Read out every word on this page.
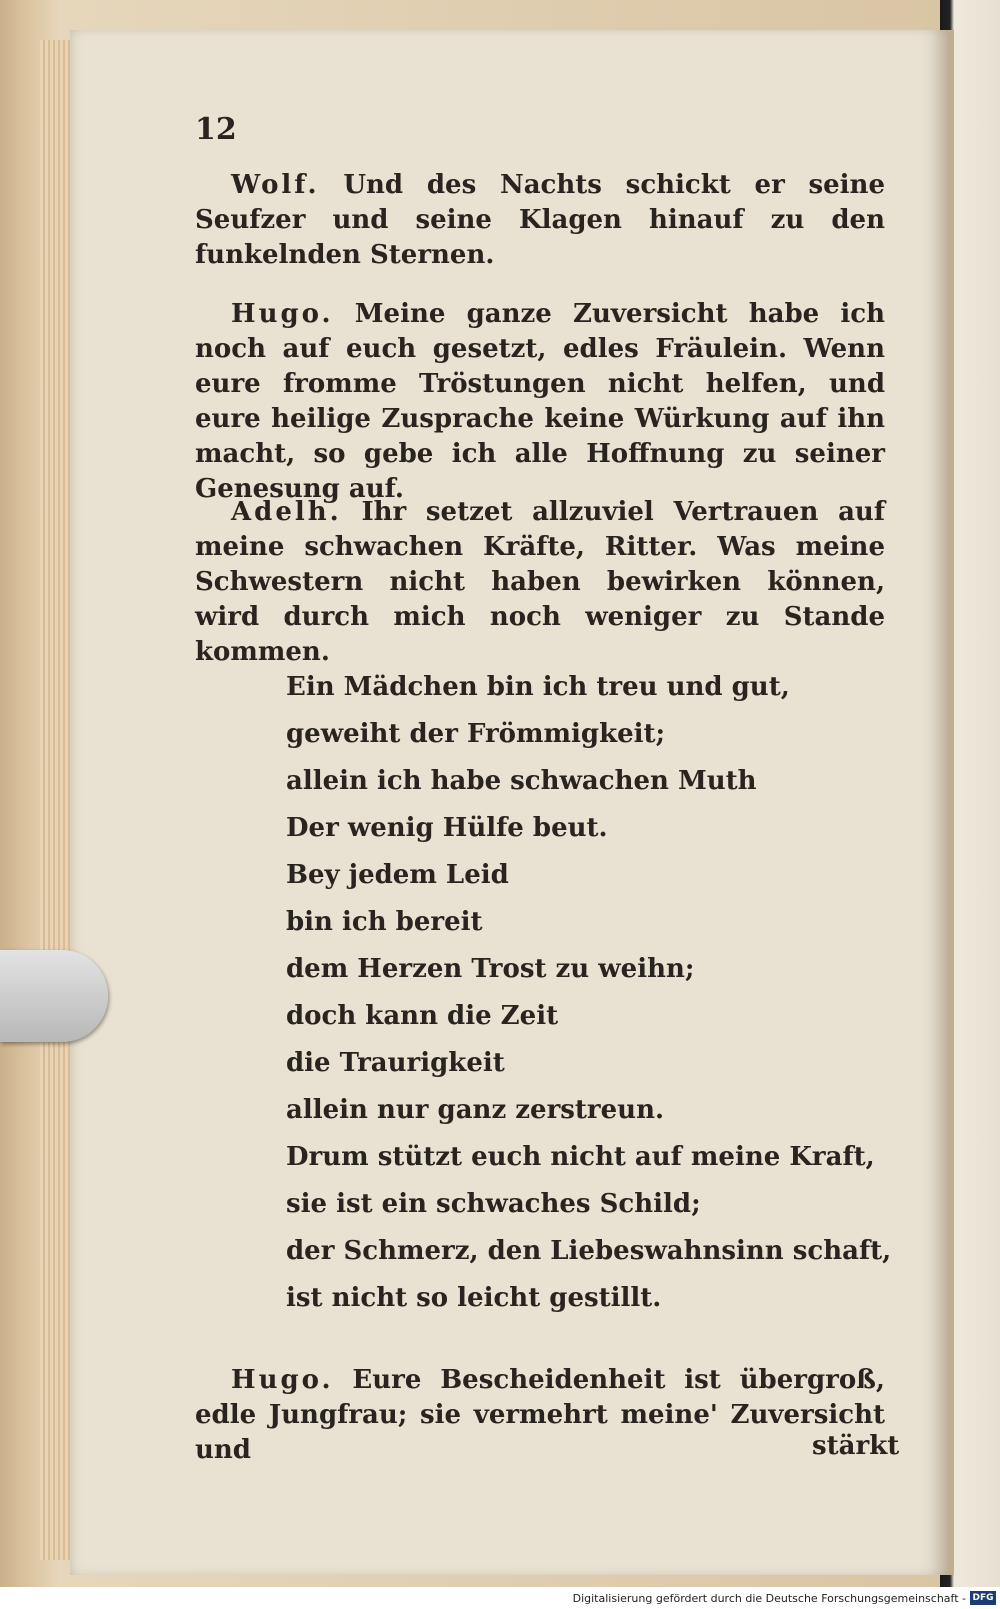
12
Wolf. Und des Nachts schickt er seine Seufzer und seine Klagen hinauf zu den funkelnden Sternen.
Hugo. Meine ganze Zuversicht habe ich noch auf euch gesetzt, edles Fräulein. Wenn eure fromme Tröstungen nicht helfen, und eure heilige Zusprache keine Würkung auf ihn macht, so gebe ich alle Hoffnung zu seiner Genesung auf.
Adelh. Ihr setzet allzuviel Vertrauen auf meine schwachen Kräfte, Ritter. Was meine Schwestern nicht haben bewirken können, wird durch mich noch weniger zu Stande kommen.
Ein Mädchen bin ich treu und gut,
geweiht der Frömmigkeit;
allein ich habe schwachen Muth
Der wenig Hülfe beut.
Bey jedem Leid
bin ich bereit
dem Herzen Trost zu weihn;
doch kann die Zeit
die Traurigkeit
allein nur ganz zerstreun.
Drum stützt euch nicht auf meine Kraft,
sie ist ein schwaches Schild;
der Schmerz, den Liebeswahnsinn schaft,
ist nicht so leicht gestillt.
Hugo. Eure Bescheidenheit ist übergroß, edle Jungfrau; sie vermehrt meine' Zuversicht und	stärkt
Digitalisierung gefördert durch die Deutsche Forschungsgemeinschaft - DFG
